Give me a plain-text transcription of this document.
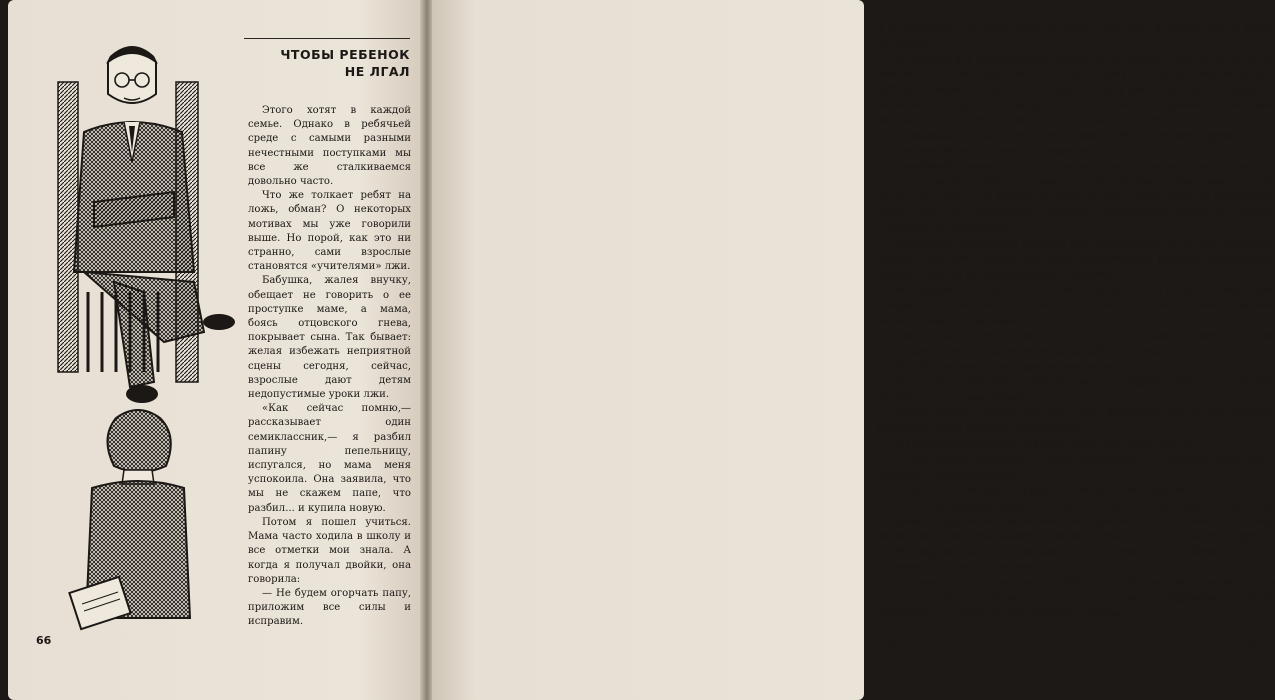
ЧТОБЫ РЕБЕНОК
НЕ ЛГАЛ

Этого хотят в каждой семье. Однако в ребячьей среде с самыми разными нечестными поступками мы все же сталкиваемся довольно часто.

Что же толкает ребят на ложь, обман? О некоторых мотивах мы уже говорили выше. Но порой, как это ни странно, сами взрослые становятся «учителями» лжи.

Бабушка, жалея внучку, обещает не говорить о ее проступке маме, а мама, боясь отцовского гнева, покрывает сына. Так бывает: желая избежать неприятной сцены сегодня, сейчас, взрослые дают детям недопустимые уроки лжи.

«Как сейчас помню,— рассказывает один семиклассник,— я разбил папину пепельницу, испугался, но мама меня успокоила. Она заявила, что мы не скажем папе, что разбил... и купила новую.

Потом я пошел учиться. Мама часто ходила в школу и все отметки мои знала. А когда я получал двойки, она говорила:

— Не будем огорчать папу, приложим все силы и исправим.

66

И я исправлял, а папа никогда ничего не знал и думал, что я учусь без двоек.

Я привык все рассказывать маме. Я ее люблю. Люблю и папу, но меньше. В этом году, сам не знаю почему, то ли тут виновата моя любовь к маме, то ли что-то другое, но у меня иногда появляется желание не огорчать и маму. Поэтому я порой скрываю от нее свои двойки и все то плохое, за что ругают меня учителя».

Семейный психологический климат! В последнее время такое выражение можно услышать нередко.

Семейный климат плох для воспитания детей не только там, где пьют, ссорятся, грубят, лицемерят, не уважают, обманывают друг друга, но и там, где заботятся лишь о том, чтобы одеть и накормить детей, где нет духовного общения, дружеской близости между старшими и младшими.

Подобная обстановка создает благоприятную почву для ретакого порока, как ложь, обман, оно дает возможность ребенку лавировать, хитрить, что-то не договаривать, скрывать.

Но бывает и так, что в семье ничего этого нет: семья, как говорят, вполне благополучная, а дети все-таки огорчают своими нечестными поступками.

Секрет здесь чаще всего кроется в отсутствии соответствующей профилактической воспитательной работы в семье.

Профилактика — это предупреждение.

Что же помогает предупреждать зарождение у ребенка склонности ко лжи, обману?

Очень многое именно из того, чему взрослые подчас не придают значения, пока ребенок маленький.

Из подъезда выходят два мальчика лет пяти-шести.

— Не хотели отпускать, а сами отпустили! — говорит один. Он и доволен... и недоумевает...

— Вот бестолковые! Правда? — вторит ему другой.

Этот маленький диалог полон большого значения. Взрослые продемонстрировали малышам несерьезное отношение к своему решению, слову: оказывается, можно сказать одно, а сделать другое.

Формированию нравственного сознания ребенка такое «открытие» наносит первые удары.

Случаи, когда отец, мать, бабушка обещают малышам что-то купить, почитать, сходить куда-то, а потом не сдерживают своего обещания — очень частое явление в семье.

3*	67
